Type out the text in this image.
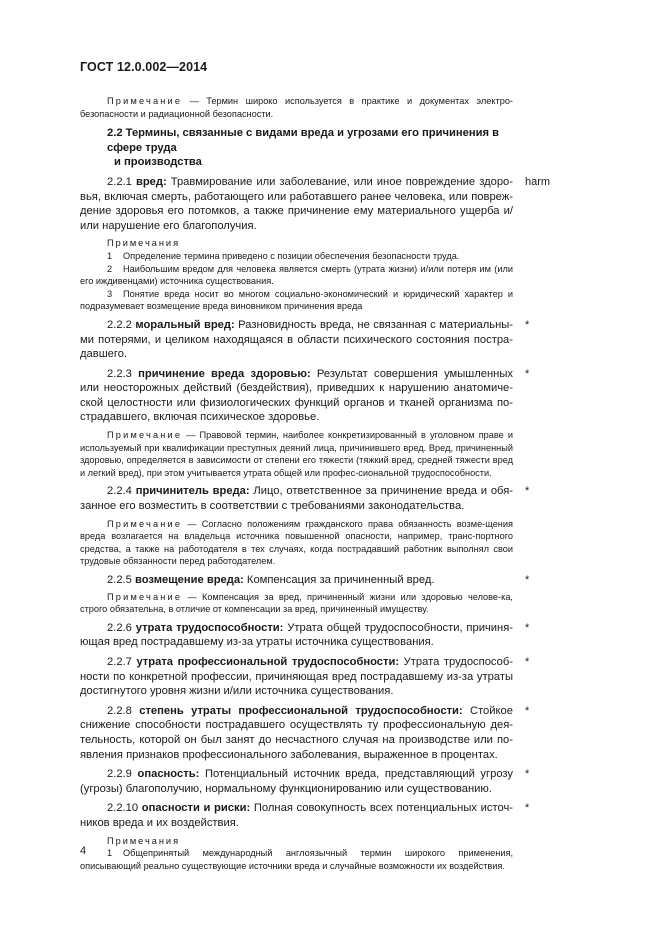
ГОСТ 12.0.002—2014
Примечание — Термин широко используется в практике и документах электро-безопасности и радиационной безопасности.
2.2 Термины, связанные с видами вреда и угрозами его причинения в сфере труда
и производства
2.2.1 вред: Травмирование или заболевание, или иное повреждение здоро-вья, включая смерть, работающего или работавшего ранее человека, или повреж-дение здоровья его потомков, а также причинение ему материального ущерба и/или нарушение его благополучия.
harm
Примечания
1 Определение термина приведено с позиции обеспечения безопасности труда.
2 Наибольшим вредом для человека является смерть (утрата жизни) и/или потеря им (или его иждивенцами) источника существования.
3 Понятие вреда носит во многом социально-экономический и юридический характер и подразумевает возмещение вреда виновником причинения вреда
2.2.2 моральный вред: Разновидность вреда, не связанная с материальны-ми потерями, и целиком находящаяся в области психического состояния постра-давшего.
*
2.2.3 причинение вреда здоровью: Результат совершения умышленных или неосторожных действий (бездействия), приведших к нарушению анатомиче-ской целостности или физиологических функций органов и тканей организма по-страдавшего, включая психическое здоровье.
*
Примечание — Правовой термин, наиболее конкретизированный в уголовном праве и используемый при квалификации преступных деяний лица, причинившего вред. Вред, причиненный здоровью, определяется в зависимости от степени его тяжести (тяжкий вред, средней тяжести вред и легкий вред), при этом учитывается утрата общей или профес-сиональной трудоспособности.
2.2.4 причинитель вреда: Лицо, ответственное за причинение вреда и обя-занное его возместить в соответствии с требованиями законодательства.
*
Примечание — Согласно положениям гражданского права обязанность возме-щения вреда возлагается на владельца источника повышенной опасности, например, транс-портного средства, а также на работодателя в тех случаях, когда пострадавший работник выполнял свои трудовые обязанности перед работодателем.
2.2.5 возмещение вреда: Компенсация за причиненный вред.	*
Примечание — Компенсация за вред, причиненный жизни или здоровью челове-ка, строго обязательна, в отличие от компенсации за вред, причиненный имуществу.
2.2.6 утрата трудоспособности: Утрата общей трудоспособности, причиня-ющая вред пострадавшему из-за утраты источника существования.
*
2.2.7 утрата профессиональной трудоспособности: Утрата трудоспособ-ности по конкретной профессии, причиняющая вред пострадавшему из-за утраты достигнутого уровня жизни и/или источника существования.
*
2.2.8 степень утраты профессиональной трудоспособности: Стойкое снижение способности пострадавшего осуществлять ту профессиональную дея-тельность, которой он был занят до несчастного случая на производстве или по-явления признаков профессионального заболевания, выраженное в процентах.
*
2.2.9 опасность: Потенциальный источник вреда, представляющий угрозу (угрозы) благополучию, нормальному функционированию или существованию.
*
2.2.10 опасности и риски: Полная совокупность всех потенциальных источ-ников вреда и их воздействия.
*
Примечания
1 Общепринятый международный англоязычный термин широкого применения, описывающий реально существующие источники вреда и случайные возможности их воздействия.
4
